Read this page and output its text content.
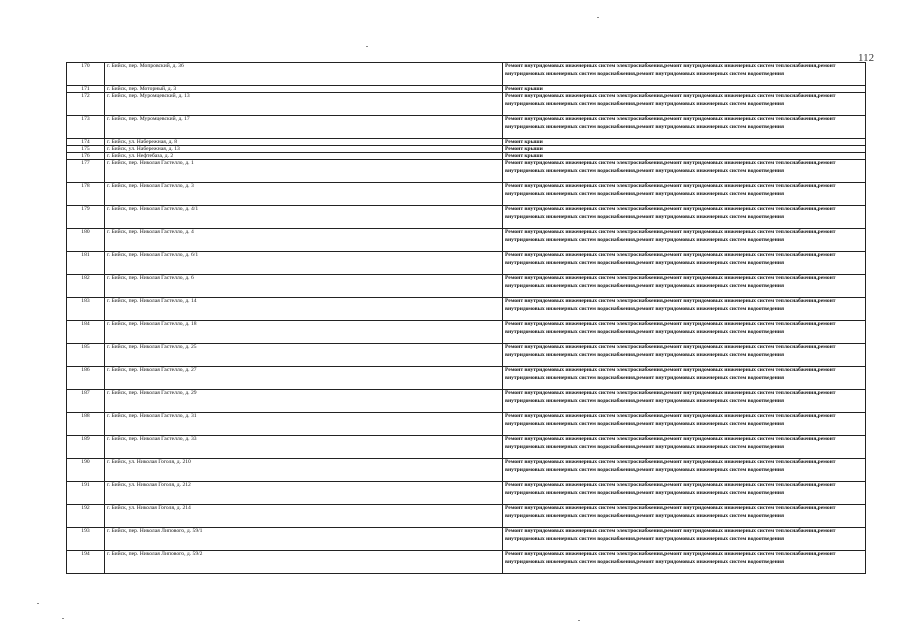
112
170	г. Бийск, пер. Мопровский, д. 36	Ремонт внутридомовых инженерных систем электроснабжения,ремонт внутридомовых инженерных систем теплоснабжения,ремонт внутридомовых инженерных систем водоснабжения,ремонт внутридомовых инженерных систем водоотведения
171	г. Бийск, пер. Моторный, д. 3	Ремонт крыши
172	г. Бийск, пер. Муромцевский, д. 13	Ремонт внутридомовых инженерных систем электроснабжения,ремонт внутридомовых инженерных систем теплоснабжения,ремонт внутридомовых инженерных систем водоснабжения,ремонт внутридомовых инженерных систем водоотведения
173	г. Бийск, пер. Муромцевский, д. 17	Ремонт внутридомовых инженерных систем электроснабжения,ремонт внутридомовых инженерных систем теплоснабжения,ремонт внутридомовых инженерных систем водоснабжения,ремонт внутридомовых инженерных систем водоотведения
174	г. Бийск, ул. Набережная, д. 8	Ремонт крыши
175	г. Бийск, ул. Набережная, д. 13	Ремонт крыши
176	г. Бийск, ул. Нефтебаза, д. 2	Ремонт крыши
177	г. Бийск, пер. Николая Гастелло, д. 1	Ремонт внутридомовых инженерных систем электроснабжения,ремонт внутридомовых инженерных систем теплоснабжения,ремонт внутридомовых инженерных систем водоснабжения,ремонт внутридомовых инженерных систем водоотведения
178	г. Бийск, пер. Николая Гастелло, д. 3	Ремонт внутридомовых инженерных систем электроснабжения,ремонт внутридомовых инженерных систем теплоснабжения,ремонт внутридомовых инженерных систем водоснабжения,ремонт внутридомовых инженерных систем водоотведения
179	г. Бийск, пер. Николая Гастелло, д. 4/1	Ремонт внутридомовых инженерных систем электроснабжения,ремонт внутридомовых инженерных систем теплоснабжения,ремонт внутридомовых инженерных систем водоснабжения,ремонт внутридомовых инженерных систем водоотведения
180	г. Бийск, пер. Николая Гастелло, д. 4	Ремонт внутридомовых инженерных систем электроснабжения,ремонт внутридомовых инженерных систем теплоснабжения,ремонт внутридомовых инженерных систем водоснабжения,ремонт внутридомовых инженерных систем водоотведения
181	г. Бийск, пер. Николая Гастелло, д. 6/1	Ремонт внутридомовых инженерных систем электроснабжения,ремонт внутридомовых инженерных систем теплоснабжения,ремонт внутридомовых инженерных систем водоснабжения,ремонт внутридомовых инженерных систем водоотведения
182	г. Бийск, пер. Николая Гастелло, д. 6	Ремонт внутридомовых инженерных систем электроснабжения,ремонт внутридомовых инженерных систем теплоснабжения,ремонт внутридомовых инженерных систем водоснабжения,ремонт внутридомовых инженерных систем водоотведения
183	г. Бийск, пер. Николая Гастелло, д. 14	Ремонт внутридомовых инженерных систем электроснабжения,ремонт внутридомовых инженерных систем теплоснабжения,ремонт внутридомовых инженерных систем водоснабжения,ремонт внутридомовых инженерных систем водоотведения
184	г. Бийск, пер. Николая Гастелло, д. 18	Ремонт внутридомовых инженерных систем электроснабжения,ремонт внутридомовых инженерных систем теплоснабжения,ремонт внутридомовых инженерных систем водоснабжения,ремонт внутридомовых инженерных систем водоотведения
185	г. Бийск, пер. Николая Гастелло, д. 25	Ремонт внутридомовых инженерных систем электроснабжения,ремонт внутридомовых инженерных систем теплоснабжения,ремонт внутридомовых инженерных систем водоснабжения,ремонт внутридомовых инженерных систем водоотведения
186	г. Бийск, пер. Николая Гастелло, д. 27	Ремонт внутридомовых инженерных систем электроснабжения,ремонт внутридомовых инженерных систем теплоснабжения,ремонт внутридомовых инженерных систем водоснабжения,ремонт внутридомовых инженерных систем водоотведения
187	г. Бийск, пер. Николая Гастелло, д. 29	Ремонт внутридомовых инженерных систем электроснабжения,ремонт внутридомовых инженерных систем теплоснабжения,ремонт внутридомовых инженерных систем водоснабжения,ремонт внутридомовых инженерных систем водоотведения
188	г. Бийск, пер. Николая Гастелло, д. 31	Ремонт внутридомовых инженерных систем электроснабжения,ремонт внутридомовых инженерных систем теплоснабжения,ремонт внутридомовых инженерных систем водоснабжения,ремонт внутридомовых инженерных систем водоотведения
189	г. Бийск, пер. Николая Гастелло, д. 33	Ремонт внутридомовых инженерных систем электроснабжения,ремонт внутридомовых инженерных систем теплоснабжения,ремонт внутридомовых инженерных систем водоснабжения,ремонт внутридомовых инженерных систем водоотведения
190	г. Бийск, ул. Николая Гоголя, д. 210	Ремонт внутридомовых инженерных систем электроснабжения,ремонт внутридомовых инженерных систем теплоснабжения,ремонт внутридомовых инженерных систем водоснабжения,ремонт внутридомовых инженерных систем водоотведения
191	г. Бийск, ул. Николая Гоголя, д. 212	Ремонт внутридомовых инженерных систем электроснабжения,ремонт внутридомовых инженерных систем теплоснабжения,ремонт внутридомовых инженерных систем водоснабжения,ремонт внутридомовых инженерных систем водоотведения
192	г. Бийск, ул. Николая Гоголя, д. 214	Ремонт внутридомовых инженерных систем электроснабжения,ремонт внутридомовых инженерных систем теплоснабжения,ремонт внутридомовых инженерных систем водоснабжения,ремонт внутридомовых инженерных систем водоотведения
193	г. Бийск, пер. Николая Липового, д. 59/1	Ремонт внутридомовых инженерных систем электроснабжения,ремонт внутридомовых инженерных систем теплоснабжения,ремонт внутридомовых инженерных систем водоснабжения,ремонт внутридомовых инженерных систем водоотведения
194	г. Бийск, пер. Николая Липового, д. 59/2	Ремонт внутридомовых инженерных систем электроснабжения,ремонт внутридомовых инженерных систем теплоснабжения,ремонт внутридомовых инженерных систем водоснабжения,ремонт внутридомовых инженерных систем водоотведения
